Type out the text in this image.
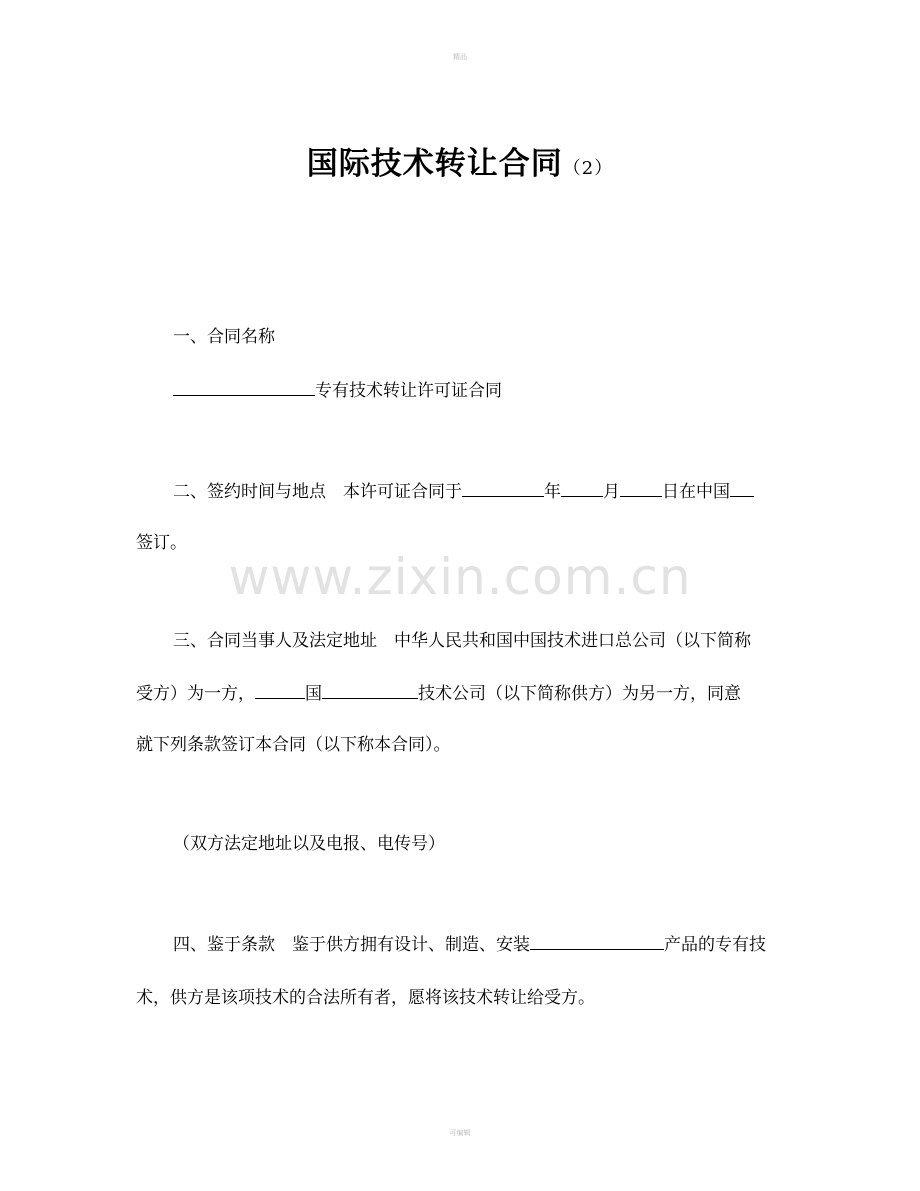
精品
国际技术转让合同（2）
一、合同名称
专有技术转让许可证合同
二、签约时间与地点 本许可证合同于	年 月 日在中国
签订。
www.zixin.com.cn
三、合同当事人及法定地址 中华人民共和国中国技术进口总公司（以下简称
受方）为一方，	国	技术公司（以下简称供方）为另一方，同意
就下列条款签订本合同（以下称本合同）。
（双方法定地址以及电报、电传号）
四、鉴于条款 鉴于供方拥有设计、制造、安装	产品的专有技
术，供方是该项技术的合法所有者，愿将该技术转让给受方。
可编辑
